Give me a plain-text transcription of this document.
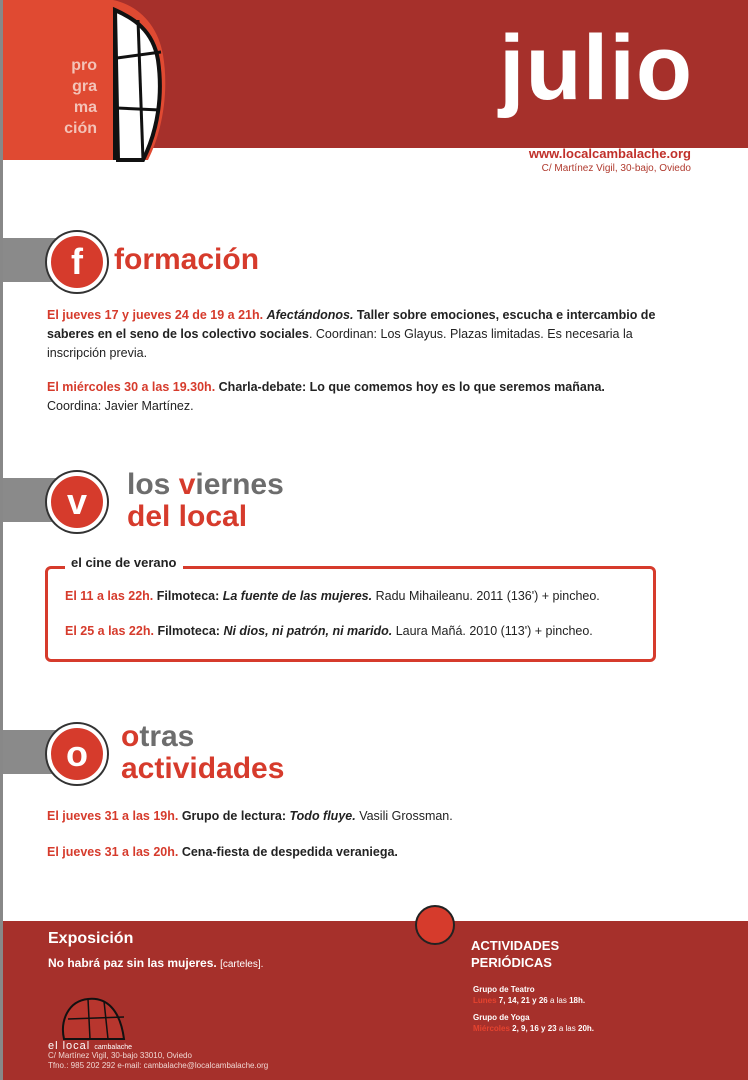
pro
gra
ma
ción
julio
www.localcambalache.org
C/ Martínez Vigil, 30-bajo, Oviedo
f	formación
El jueves 17 y jueves 24 de 19 a 21h. Afectándonos. Taller sobre emociones, escucha e intercambio de saberes en el seno de los colectivo sociales. Coordinan: Los Glayus. Plazas limitadas. Es necesaria la inscripción previa.
El miércoles 30 a las 19.30h. Charla-debate: Lo que comemos hoy es lo que seremos mañana.
Coordina: Javier Martínez.
v	los viernes
del local
el cine de verano
El 11 a las 22h. Filmoteca: La fuente de las mujeres. Radu Mihaileanu. 2011 (136') + pincheo.
El 25 a las 22h. Filmoteca: Ni dios, ni patrón, ni marido. Laura Mañá. 2010 (113') + pincheo.
o	otras
actividades
El jueves 31 a las 19h. Grupo de lectura: Todo fluye. Vasili Grossman.
El jueves 31 a las 20h. Cena-fiesta de despedida veraniega.
Exposición
No habrá paz sin las mujeres. [carteles].
ACTIVIDADES
PERIÓDICAS
Grupo de Teatro
Lunes 7, 14, 21 y 26 a las 18h.
Grupo de Yoga
Miércoles 2, 9, 16 y 23 a las 20h.
el local cambalache
C/ Martínez Vigil, 30-bajo 33010, Oviedo
Tfno.: 985 202 292 e-mail: cambalache@localcambalache.org
